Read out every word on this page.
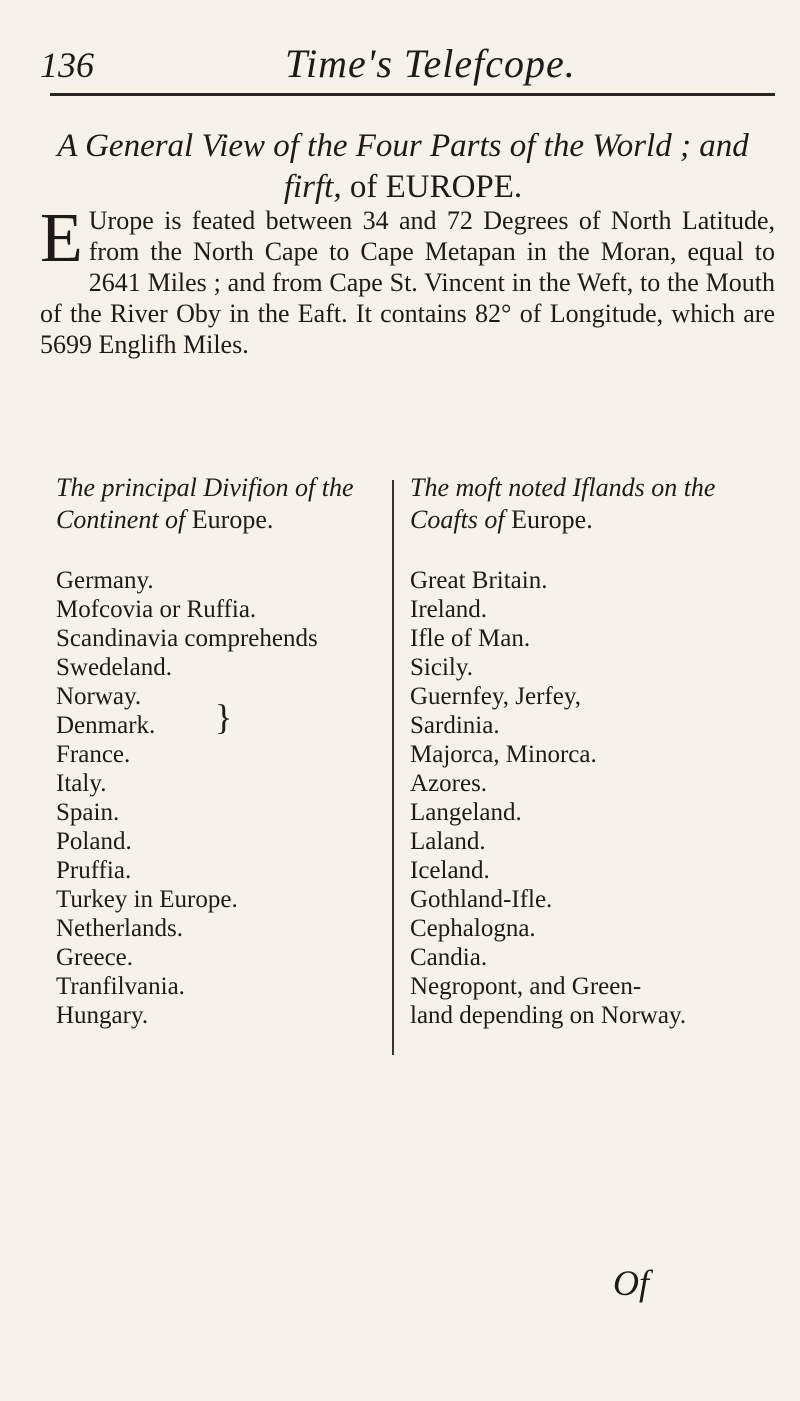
136	Time's Telefcope.
A General View of the Four Parts of the World ; and
firft, of EUROPE.
E Urope is feated between 34 and 72 Degrees of North Latitude, from the North Cape to Cape Metapan in the Moran, equal to 2641 Miles ; and from Cape St. Vincent in the Weft, to the Mouth of the River Oby in the Eaft. It contains 82° of Longitude, which are 5699 Englifh Miles.
The principal Divifion of the Continent of Europe.
Germany.
Mofcovia or Ruffia.
Scandinavia comprehends
Swedeland.
Norway.
Denmark.
France.
Italy.
Spain.
Poland.
Pruffia.
Turkey in Europe.
Netherlands.
Greece.
Tranfilvania.
Hungary.
}
The moft noted Iflands on the Coafts of Europe.
Great Britain.
Ireland.
Ifle of Man.
Sicily.
Guernfey, Jerfey,
Sardinia.
Majorca, Minorca.
Azores.
Langeland.
Laland.
Iceland.
Gothland-Ifle.
Cephalogna.
Candia.
Negropont, and Green-
land depending on Norway.
Of
